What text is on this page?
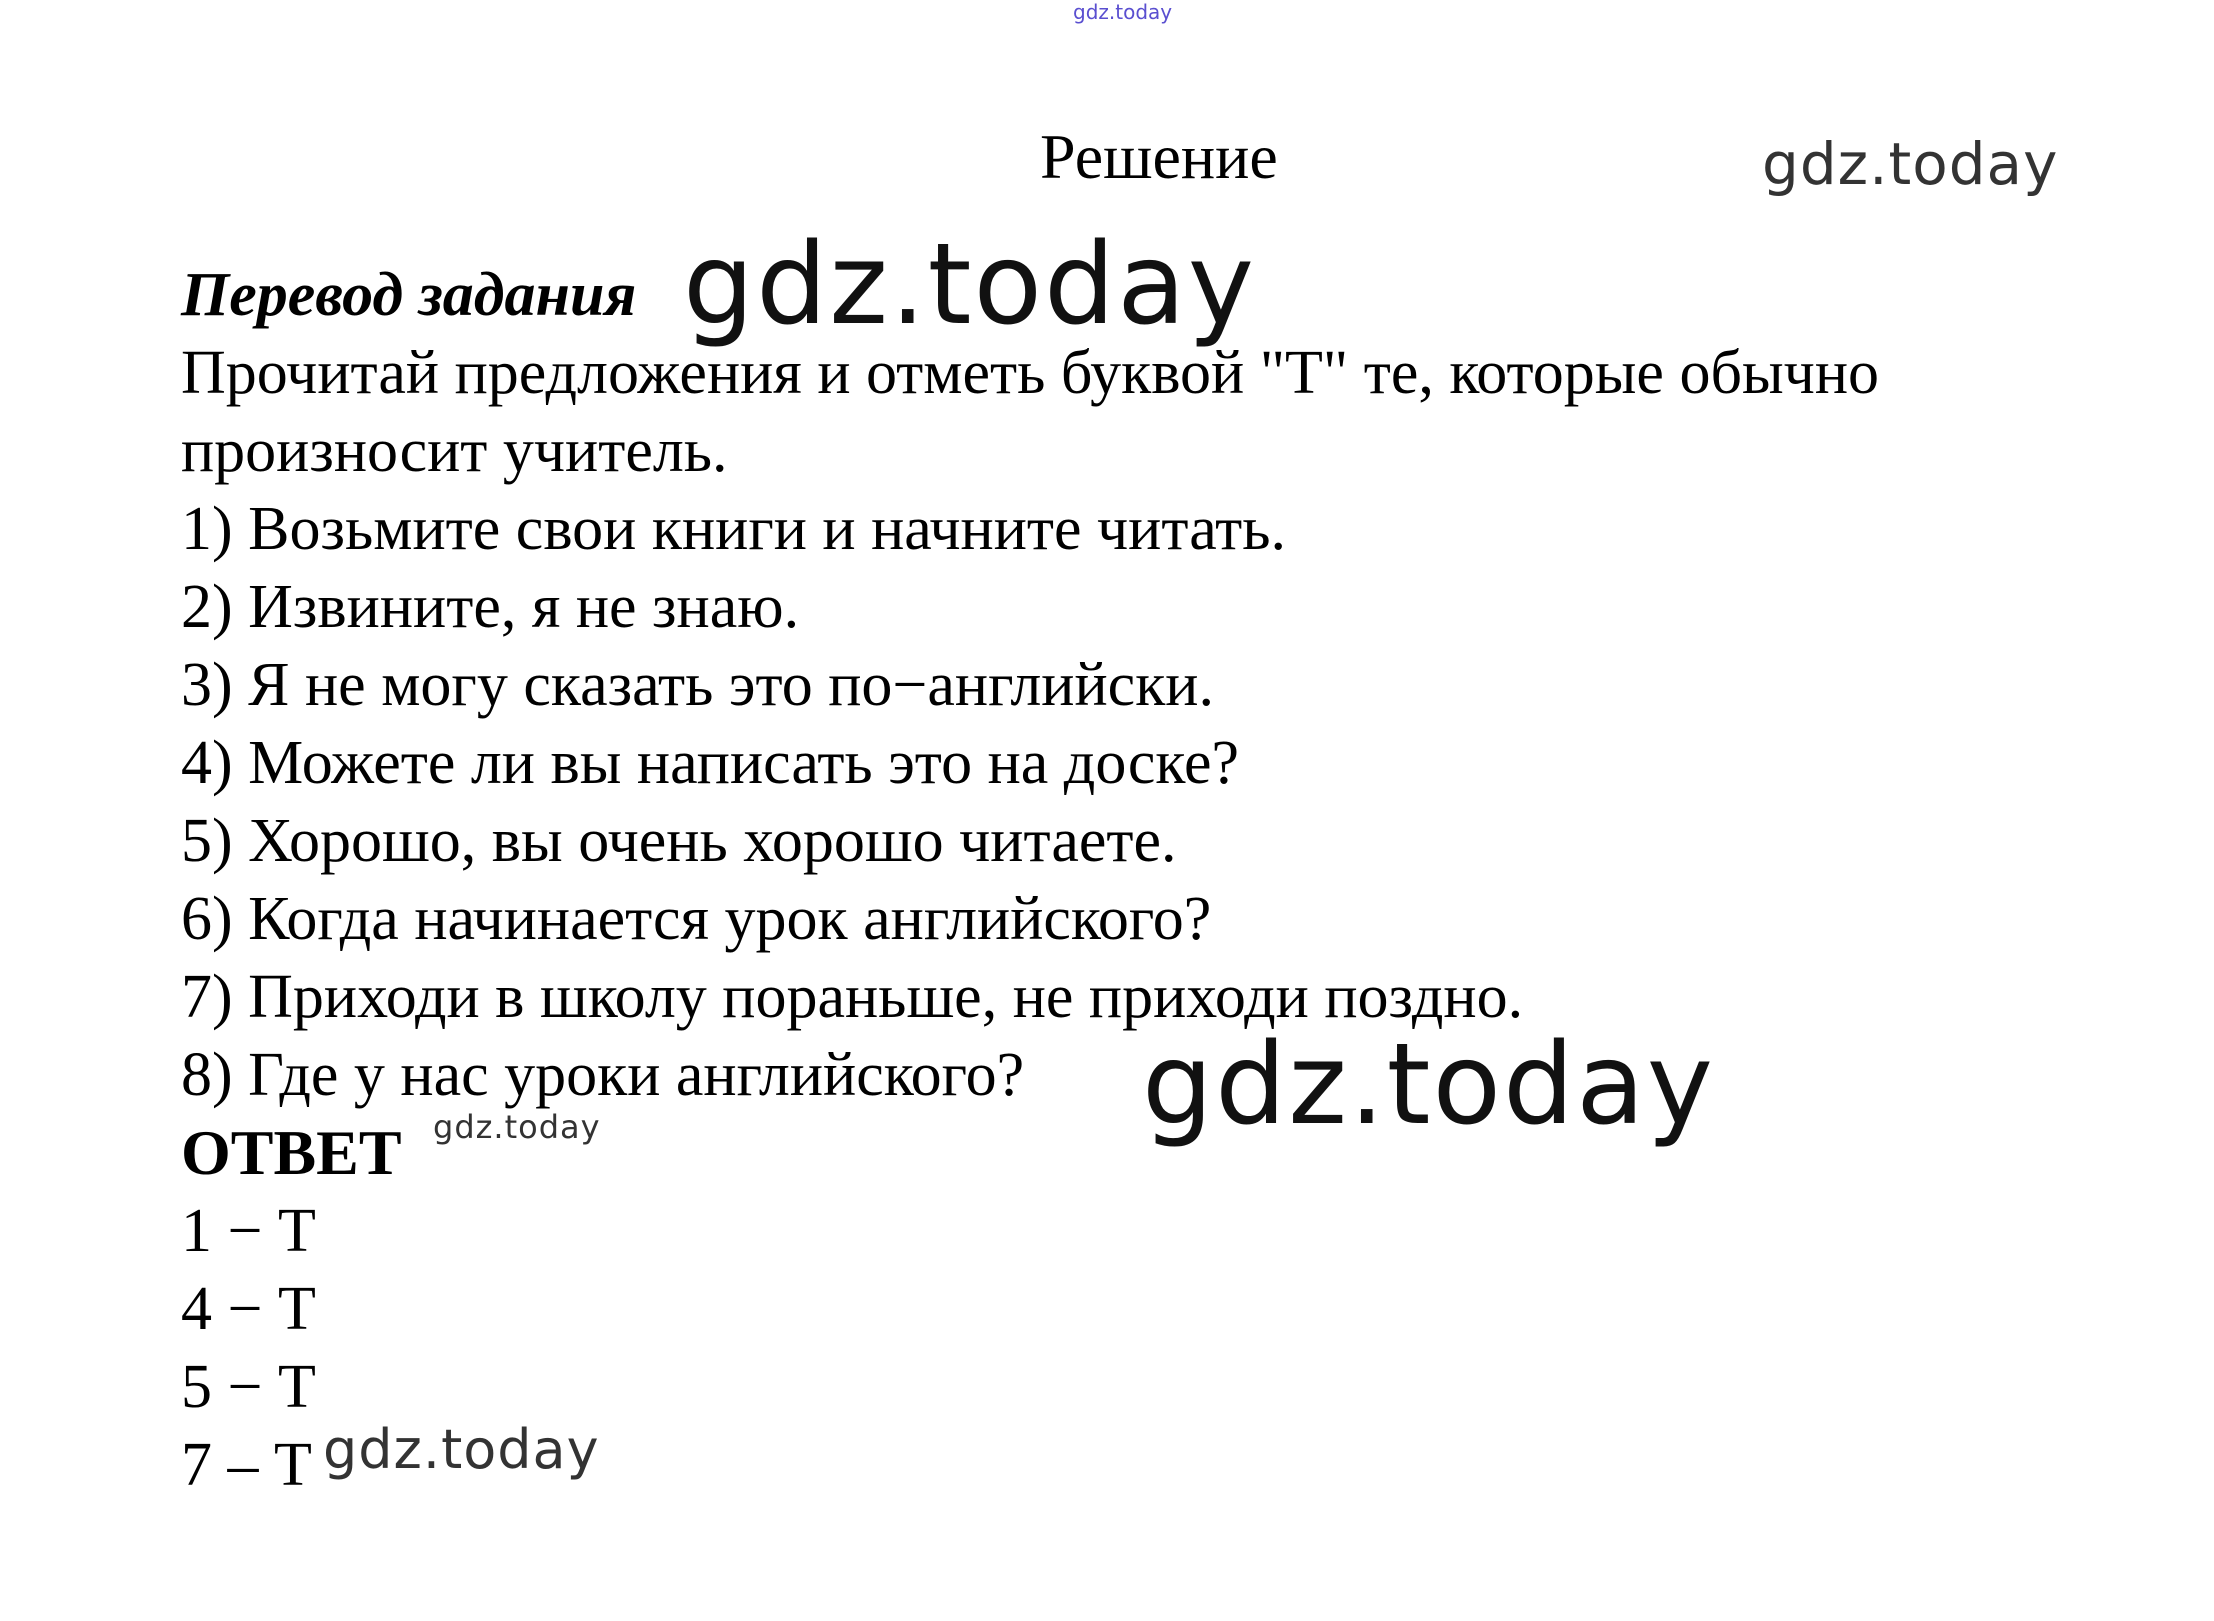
gdz.today
gdz.today
gdz.today
gdz.today
gdz.today
gdz.today
Решение
Перевод задания
Прочитай предложения и отметь буквой "Т" те, которые обычно
произносит учитель.
1) Возьмите свои книги и начните читать.
2) Извините, я не знаю.
3) Я не могу сказать это по−английски.
4) Можете ли вы написать это на доске?
5) Хорошо, вы очень хорошо читаете.
6) Когда начинается урок английского?
7) Приходи в школу пораньше, не приходи поздно.
8) Где у нас уроки английского?
ОТВЕТ
1 − Т
4 − Т
5 − Т
7 – Т
